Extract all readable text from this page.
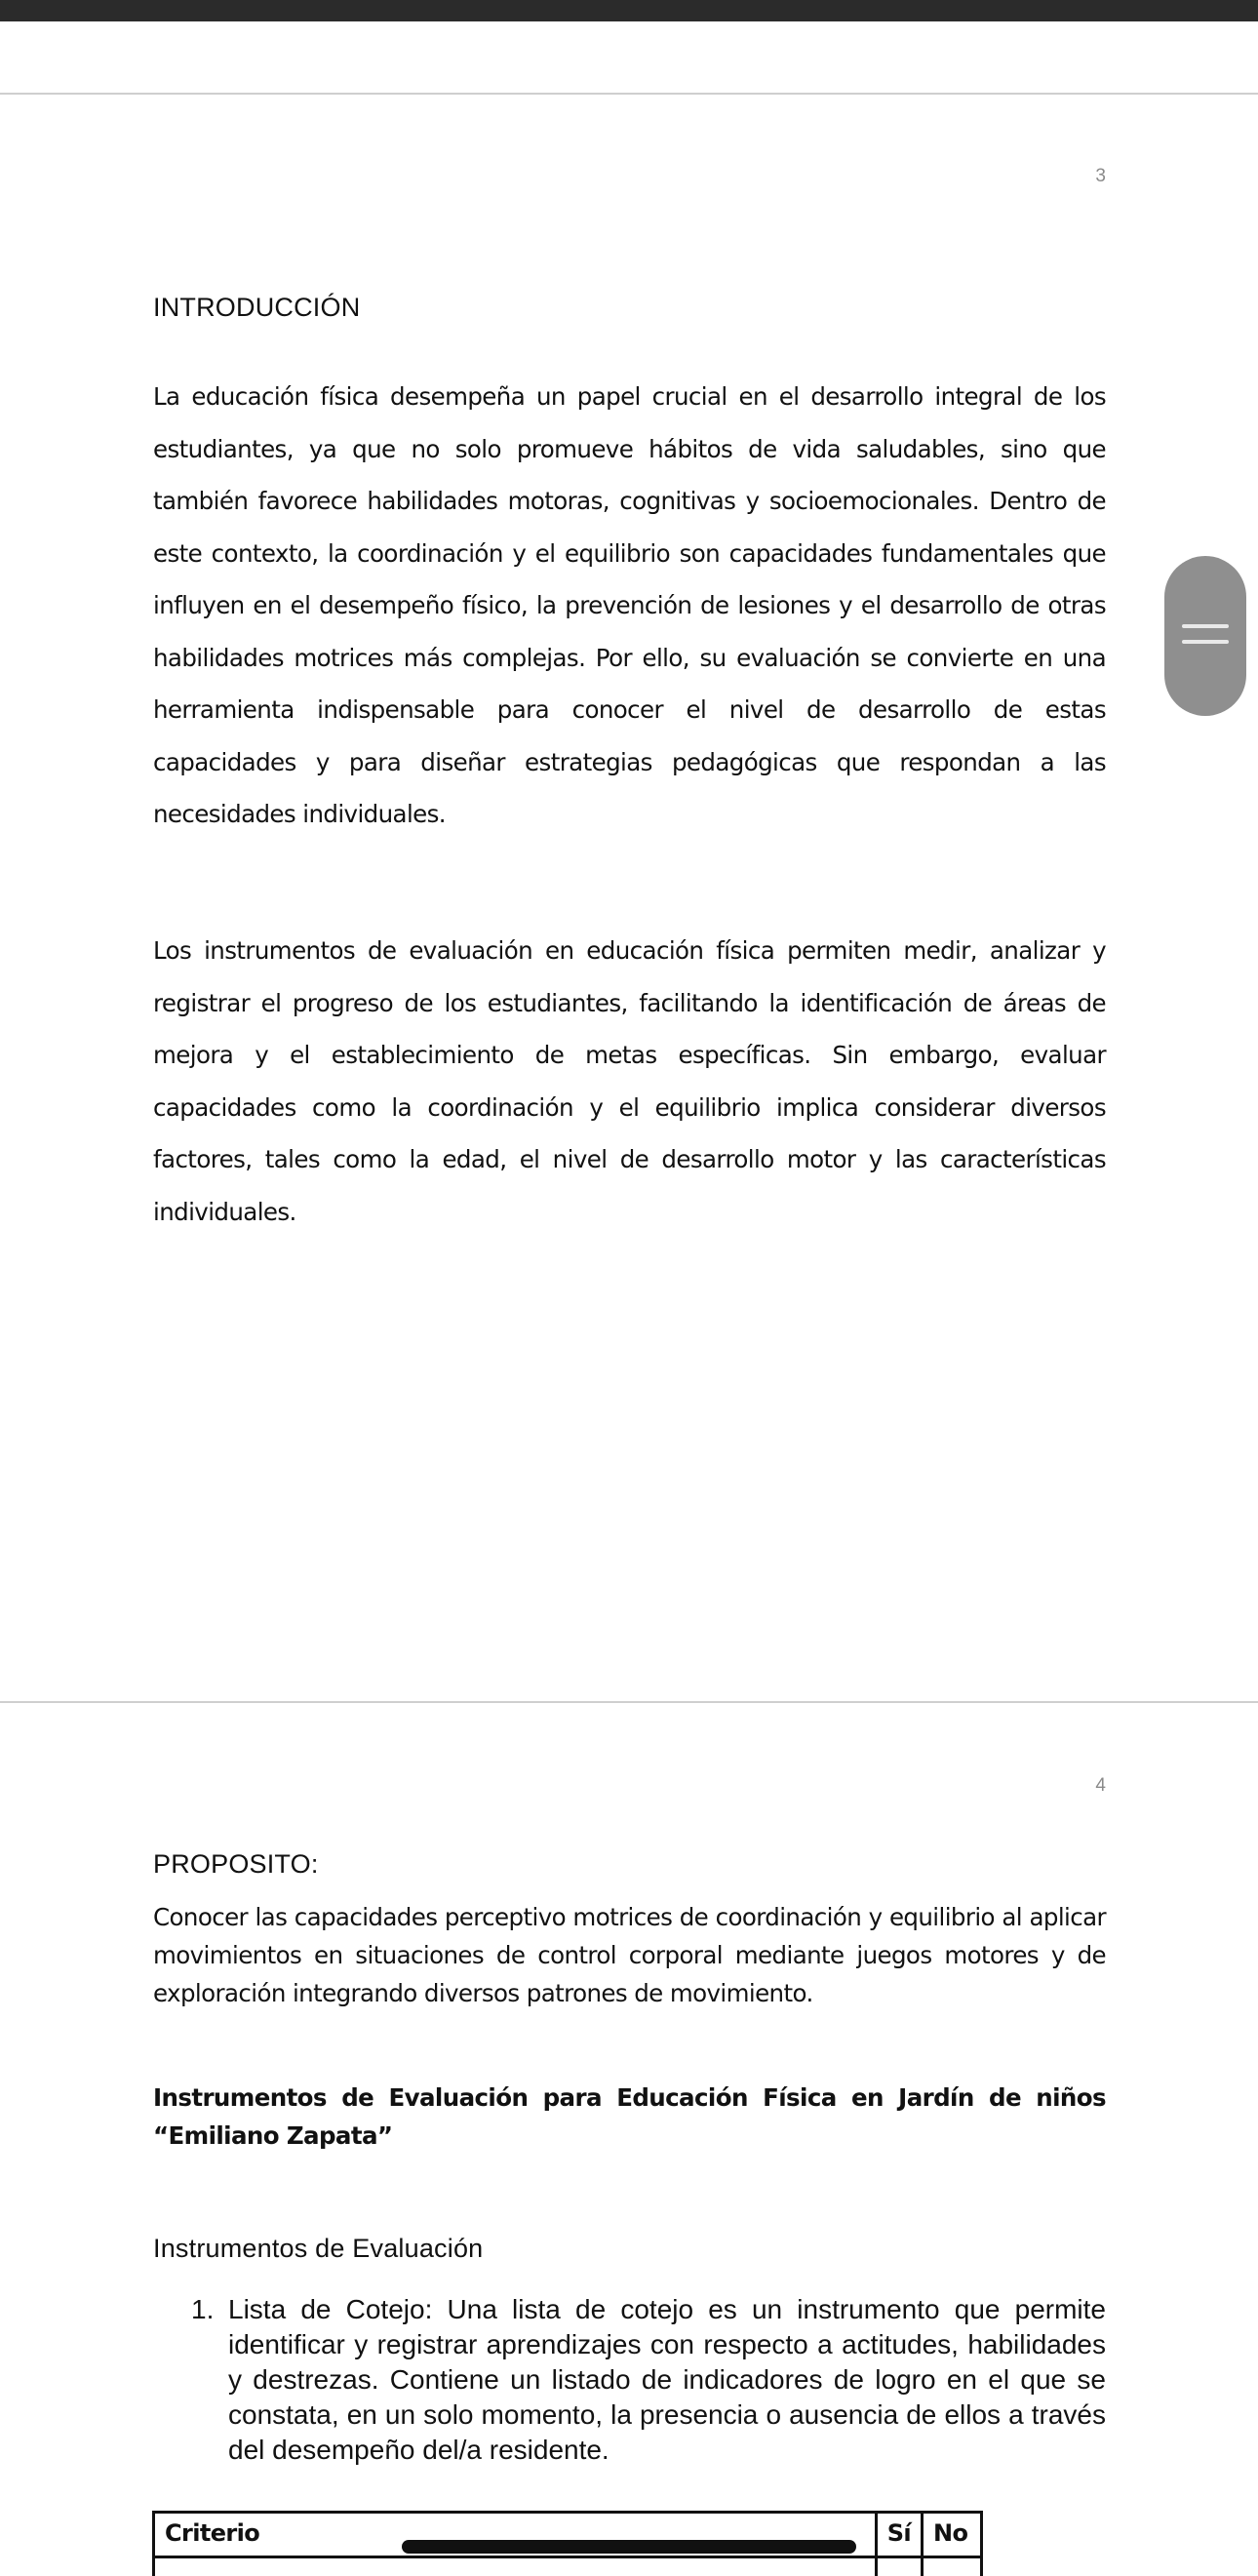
3
INTRODUCCIÓN

La educación física desempeña un papel crucial en el desarrollo integral de los estudiantes, ya que no solo promueve hábitos de vida saludables, sino que también favorece habilidades motoras, cognitivas y socioemocionales. Dentro de este contexto, la coordinación y el equilibrio son capacidades fundamentales que influyen en el desempeño físico, la prevención de lesiones y el desarrollo de otras habilidades motrices más complejas. Por ello, su evaluación se convierte en una herramienta indispensable para conocer el nivel de desarrollo de estas capacidades y para diseñar estrategias pedagógicas que respondan a las necesidades individuales.

Los instrumentos de evaluación en educación física permiten medir, analizar y registrar el progreso de los estudiantes, facilitando la identificación de áreas de mejora y el establecimiento de metas específicas. Sin embargo, evaluar capacidades como la coordinación y el equilibrio implica considerar diversos factores, tales como la edad, el nivel de desarrollo motor y las características individuales.

4
PROPOSITO:

Conocer las capacidades perceptivo motrices de coordinación y equilibrio al aplicar movimientos en situaciones de control corporal mediante juegos motores y de exploración integrando diversos patrones de movimiento.

Instrumentos de Evaluación para Educación Física en Jardín de niños “Emiliano Zapata”

Instrumentos de Evaluación
1. Lista de Cotejo: Una lista de cotejo es un instrumento que permite identificar y registrar aprendizajes con respecto a actitudes, habilidades y destrezas. Contiene un listado de indicadores de logro en el que se constata, en un solo momento, la presencia o ausencia de ellos a través del desempeño del/a residente.
Criterio	Sí	No
